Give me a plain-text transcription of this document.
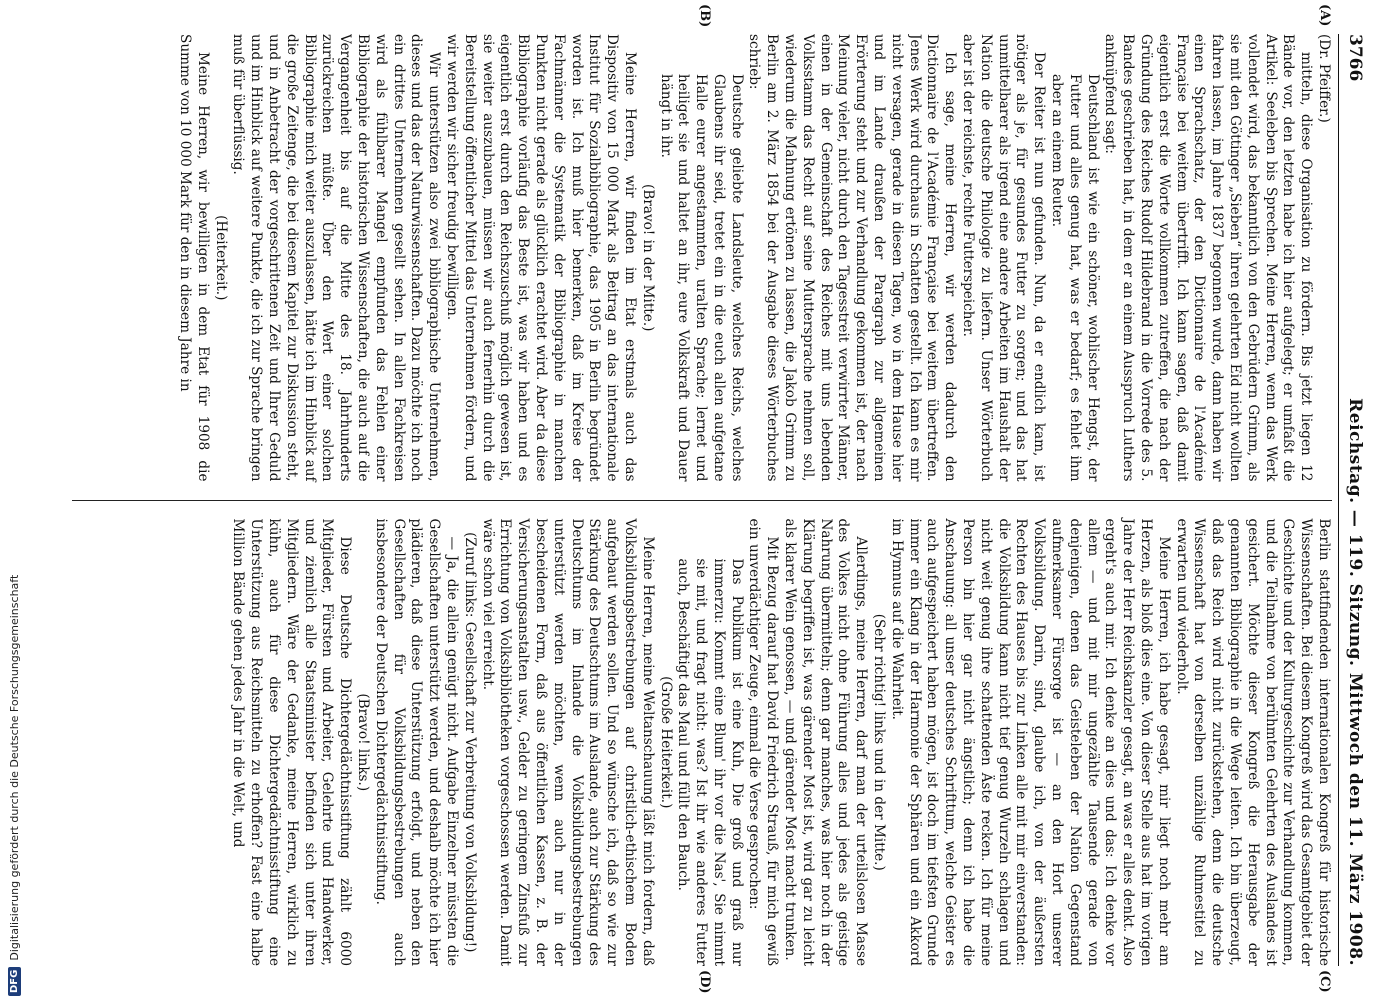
3766
Reichstag. — 119. Sitzung. Mittwoch den 11. März 1908.

(Dr. Pfeiffer.)

mitteln, diese Organisation zu fördern. Bis jetzt liegen 12 Bände vor, den letzten habe ich hier aufgelegt; er umfaßt die Artikel: Seeleben bis Sprechen. Meine Herren, wenn das Werk vollendet wird, das bekanntlich von den Gebrüdern Grimm, als sie mit den Göttinger „Sieben“ ihren gelehrten Eid nicht wollten fahren lassen, im Jahre 1837 begonnen wurde, dann haben wir einen Sprachschatz, der den Dictionnaire de l'Académie Française bei weitem übertrifft. Ich kann sagen, daß damit eigentlich erst die Worte vollkommen zutreffen, die nach der Gründung des Reiches Rudolf Hildebrand in die Vorrede des 5. Bandes geschrieben hat, in dem er an einem Ausspruch Luthers anknüpfend sagt:

Deutschland ist wie ein schöner, wohlischer Hengst, der Futter und alles genug hat, was er bedarf; es fehlet ihm aber an einem Reuter.

Der Reiter ist nun gefunden. Nun, da er endlich kam, ist nötiger als je, für gesundes Futter zu sorgen; und das hat unmittelbarer als irgend eine andere Arbeiten im Haushalt der Nation die deutsche Philologie zu liefern. Unser Wörterbuch aber ist der reichste, rechte Futterspeicher.

Ich sage, meine Herren, wir werden dadurch den Dictionnaire de l'Académie Française bei weitem übertreffen. Jenes Werk wird durchaus in Schatten gestellt. Ich kann es mir nicht versagen, gerade in diesen Tagen, wo in dem Hause hier und im Lande draußen der Paragraph zur allgemeinen Erörterung steht und zur Verhandlung gekommen ist, der nach Meinung vieler, nicht durch den Tagesstreit verwirrter Männer, einen in der Gemeinschaft des Reiches mit uns lebenden Volksstamm das Recht auf seine Muttersprache nehmen soll, wiederum die Mahnung ertönen zu lassen, die Jakob Grimm zu Berlin am 2. März 1854 bei der Ausgabe dieses Wörterbuches schrieb:

Deutsche geliebte Landsleute, welches Reichs, welches Glaubens ihr seid, tretet ein in die euch allen aufgetane Halle eurer angestammten, uralten Sprache; lernet und heiliget sie und haltet an ihr, eure Volkskraft und Dauer hängt in ihr.

(Bravo! in der Mitte.)

Meine Herren, wir finden im Etat erstmals auch das Dispositiv von 15 000 Mark als Beitrag an das internationale Institut für Sozialbibliographie, das 1905 in Berlin begründet worden ist. Ich muß hier bemerken, daß im Kreise der Fachmänner die Systematik der Bibliographie in manchen Punkten nicht gerade als glücklich erachtet wird. Aber da diese Bibliographie vorläufig das Beste ist, was wir haben und es eigentlich erst durch den Reichszuschuß möglich gewesen ist, sie weiter auszubauen, müssen wir auch fernerhin durch die Bereitstellung öffentlicher Mittel das Unternehmen fördern, und wir werden wir sicher freudig bewilligen.

Wir unterstützen also zwei bibliographische Unternehmen, dieses und das der Naturwissenschaften. Dazu möchte ich noch ein drittes Unternehmen gesellt sehen. In allen Fachkreisen wird als fühlbarer Mangel empfunden das Fehlen einer Bibliographie der historischen Wissenschaften, die auch auf die Vergangenheit bis auf die Mitte des 18. Jahrhunderts zurückreichen müßte. Über den Wert einer solchen Bibliographie mich weiter auszulassen, hätte ich im Hinblick auf die große Zeitenge, die bei diesem Kapitel zur Diskussion steht, und in Anbetracht der vorgeschrittenen Zeit und Ihrer Geduld und im Hinblick auf weitere Punkte, die ich zur Sprache bringen muß für überflüssig.

(Heiterkeit.)

Meine Herren, wir bewilligen in dem Etat für 1908 die Summe von 10 000 Mark für den in diesem Jahre in

Berlin stattfindenden internationalen Kongreß für historische Wissenschaften. Bei diesem Kongreß wird das Gesamtgebiet der Geschichte und der Kulturgeschichte zur Verhandlung kommen, und die Teilnahme von berühmten Gelehrten des Auslandes ist gesichert. Möchte dieser Kongreß die Herausgabe der genannten Bibliographie in die Wege leiten. Ich bin überzeugt, daß das Reich wird nicht zurückstehen, denn die deutsche Wissenschaft hat von derselben unzählige Ruhmestitel zu erwarten und wiederholt.

Meine Herren, ich habe gesagt, mir liegt noch mehr am Herzen, als bloß dies eine. Von dieser Stelle aus hat im vorigen Jahre der Herr Reichskanzler gesagt, an was er alles denkt. Also ergeht's auch mir. Ich denke an dies und das: Ich denke vor allem — und mit mir ungezählte Tausende gerade von denjenigen, denen das Geisteleben der Nation Gegenstand aufmerksamer Fürsorge ist — an den Hort unserer Volksbildung. Darin, sind, glaube ich, von der äußersten Rechten des Hauses bis zur Linken alle mit mir einverstanden: die Volksbildung kann nicht tief genug Wurzeln schlagen und nicht weit genug ihre schattenden Äste recken. Ich für meine Person bin hier gar nicht ängstlich; denn ich habe die Anschauung: all unser deutsches Schrifttum, welche Geister es auch aufgespeichert haben mögen, ist doch im tiefsten Grunde immer ein Klang in der Harmonie der Sphären und ein Akkord im Hymnus auf die Wahrheit.

(Sehr richtig! links und in der Mitte.)

Allerdings, meine Herren, darf man der urteilslosen Masse des Volkes nicht ohne Führung alles und jedes als geistige Nahrung übermitteln; denn gar manches, was hier noch in der Klärung begriffen ist, was gärender Most ist, wird gar zu leicht als klarer Wein genossen, — und gärender Most macht trunken.

Mit Bezug darauf hat David Friedrich Strauß, für mich gewiß ein unverdächtiger Zeuge, einmal die Verse gesprochen:

Das Publikum ist eine Kuh, Die groß und graß nur immerzu: Kommt eine Blum' ihr vor die Nas', Sie nimmt sie mit, und fragt nicht: was? Ist ihr wie anderes Futter auch, Beschäftigt das Maul und füllt den Bauch.

(Große Heiterkeit.)

Meine Herren, meine Weltanschauung läßt mich fordern, daß Volksbildungsbestrebungen auf christlich-ethischem Boden aufgebaut werden sollen. Und so wünsche ich, daß so wie zur Stärkung des Deutschtums im Auslande, auch zur Stärkung des Deutschtums im Inlande die Volksbildungsbestrebungen unterstützt werden möchten, wenn auch nur in der bescheidenen Form, daß aus öffentlichen Kassen, z. B. der Versicherungsanstalten usw., Gelder zu geringem Zinsfuß zur Errichtung von Volksbibliotheken vorgeschossen werden. Damit wäre schon viel erreicht.

(Zuruf links: Gesellschaft zur Verbreitung von Volksbildung!)

— Ja, die allein genügt nicht. Aufgabe Einzelner müssten die Gesellschaften unterstützt werden, und deshalb möchte ich hier plädieren, daß diese Unterstützung erfolgt, und neben den Gesellschaften für Volksbildungsbestrebungen auch insbesondere der Deutschen Dichtergedächtnisstiftung.

(Bravo! links.)

Diese Deutsche Dichtergedächtnisstiftung zählt 6000 Mitglieder, Fürsten und Arbeiter, Gelehrte und Handwerker, und ziemlich alle Staatsminister befinden sich unter ihren Mitgliedern. Wäre der Gedanke, meine Herren, wirklich zu kühn, auch für diese Dichtergedächtnisstiftung eine Unterstützung aus Reichsmitteln zu erhoffen? Fast eine halbe Million Bände gehen jedes Jahr in die Welt, und

(A)
(B)
(C)
(D)
DFG
Digitalisierung gefördert durch die Deutsche Forschungsgemeinschaft
